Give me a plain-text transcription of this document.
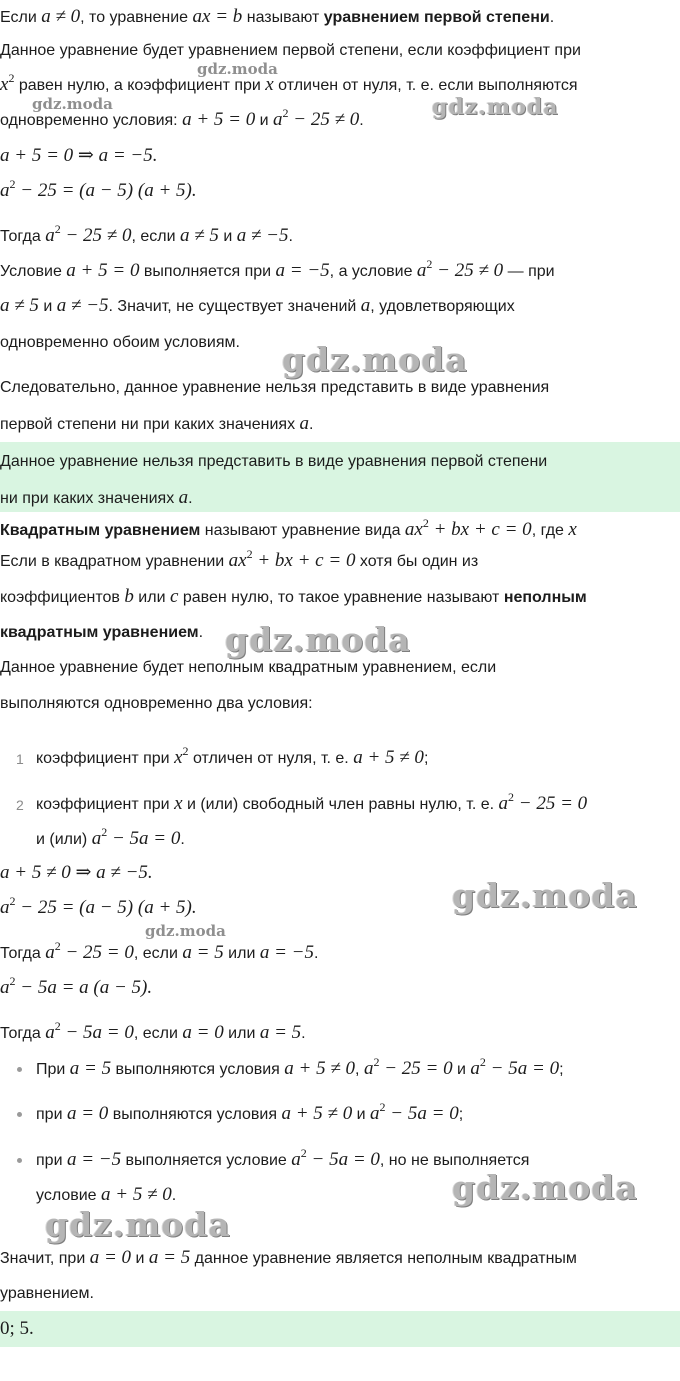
Если a ≠ 0, то уравнение ax = b называют уравнением первой степени.
Данное уравнение будет уравнением первой степени, если коэффициент при
$x^2$ равен нулю, а коэффициент при x отличен от нуля, т. е. если выполняются
одновременно условия: a + 5 = 0 и $a^2 - 25 \ne 0$.
a + 5 = 0 ⇒ a = −5.
$a^2 - 25 = (a - 5) (a + 5)$.
Тогда $a^2 - 25 \ne 0$, если a ≠ 5 и a ≠ −5.
Условие a + 5 = 0 выполняется при a = −5, а условие $a^2 - 25 \ne 0$ — при
a ≠ 5 и a ≠ −5. Значит, не существует значений a, удовлетворяющих
одновременно обоим условиям.
Следовательно, данное уравнение нельзя представить в виде уравнения
первой степени ни при каких значениях a.
Данное уравнение нельзя представить в виде уравнения первой степени
ни при каких значениях a.
Квадратным уравнением называют уравнение вида $ax^2$ + bx + c = 0, где x
Если в квадратном уравнении $ax^2$ + bx + c = 0 хотя бы один из
коэффициентов b или c равен нулю, то такое уравнение называют неполным
квадратным уравнением.
Данное уравнение будет неполным квадратным уравнением, если
выполняются одновременно два условия:
1 коэффициент при $x^2$ отличен от нуля, т. е. a + 5 ≠ 0;
2 коэффициент при x и (или) свободный член равны нулю, т. е. $a^2 - 25 = 0$
и (или) $a^2 - 5a = 0$.
a + 5 ≠ 0 ⇒ a ≠ −5.
$a^2 - 25 = (a - 5) (a + 5)$.
Тогда $a^2 - 25 = 0$, если a = 5 или a = −5.
$a^2 - 5a = a$ (a − 5).
Тогда $a^2 - 5a = 0$, если a = 0 или a = 5.
При a = 5 выполняются условия a + 5 ≠ 0, $a^2 - 25 = 0$ и $a^2 - 5a = 0$;
при a = 0 выполняются условия a + 5 ≠ 0 и $a^2 - 5a = 0$;
при a = −5 выполняется условие $a^2 - 5a = 0$, но не выполняется
условие a + 5 ≠ 0.
Значит, при a = 0 и a = 5 данное уравнение является неполным квадратным
уравнением.
0; 5.
gdz.moda
gdz.moda	gdz.moda
gdz.moda
gdz.moda
gdz.moda
gdz.moda
gdz.moda
gdz.moda
